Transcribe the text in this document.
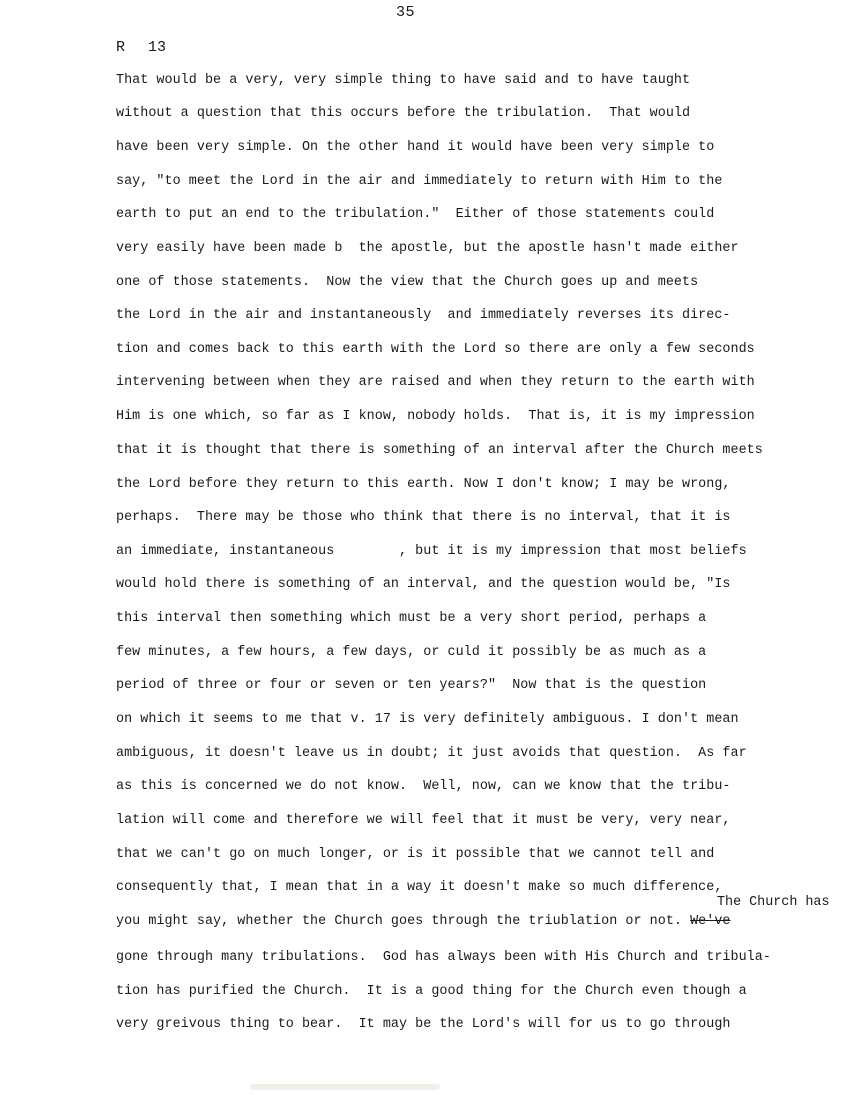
35
R 13
That would be a very, very simple thing to have said and to have taught
without a question that this occurs before the tribulation.  That would
have been very simple. On the other hand it would have been very simple to
say, "to meet the Lord in the air and immediately to return with Him to the
earth to put an end to the tribulation."  Either of those statements could
very easily have been made b  the apostle, but the apostle hasn't made either
one of those statements.  Now the view that the Church goes up and meets
the Lord in the air and instantaneously  and immediately reverses its direc-
tion and comes back to this earth with the Lord so there are only a few seconds
intervening between when they are raised and when they return to the earth with
Him is one which, so far as I know, nobody holds.  That is, it is my impression
that it is thought that there is something of an interval after the Church meets
the Lord before they return to this earth. Now I don't know; I may be wrong,
perhaps.  There may be those who think that there is no interval, that it is
an immediate, instantaneous        , but it is my impression that most beliefs
would hold there is something of an interval, and the question would be, "Is
this interval then something which must be a very short period, perhaps a
few minutes, a few hours, a few days, or culd it possibly be as much as a
period of three or four or seven or ten years?"  Now that is the question
on which it seems to me that v. 17 is very definitely ambiguous. I don't mean
ambiguous, it doesn't leave us in doubt; it just avoids that question.  As far
as this is concerned we do not know.  Well, now, can we know that the tribu-
lation will come and therefore we will feel that it must be very, very near,
that we can't go on much longer, or is it possible that we cannot tell and
consequently that, I mean that in a way it doesn't make so much difference,
The Church has
you might say, whether the Church goes through the triublation or not. We've
gone through many tribulations.  God has always been with His Church and tribula-
tion has purified the Church.  It is a good thing for the Church even though a
very greivous thing to bear.  It may be the Lord's will for us to go through
